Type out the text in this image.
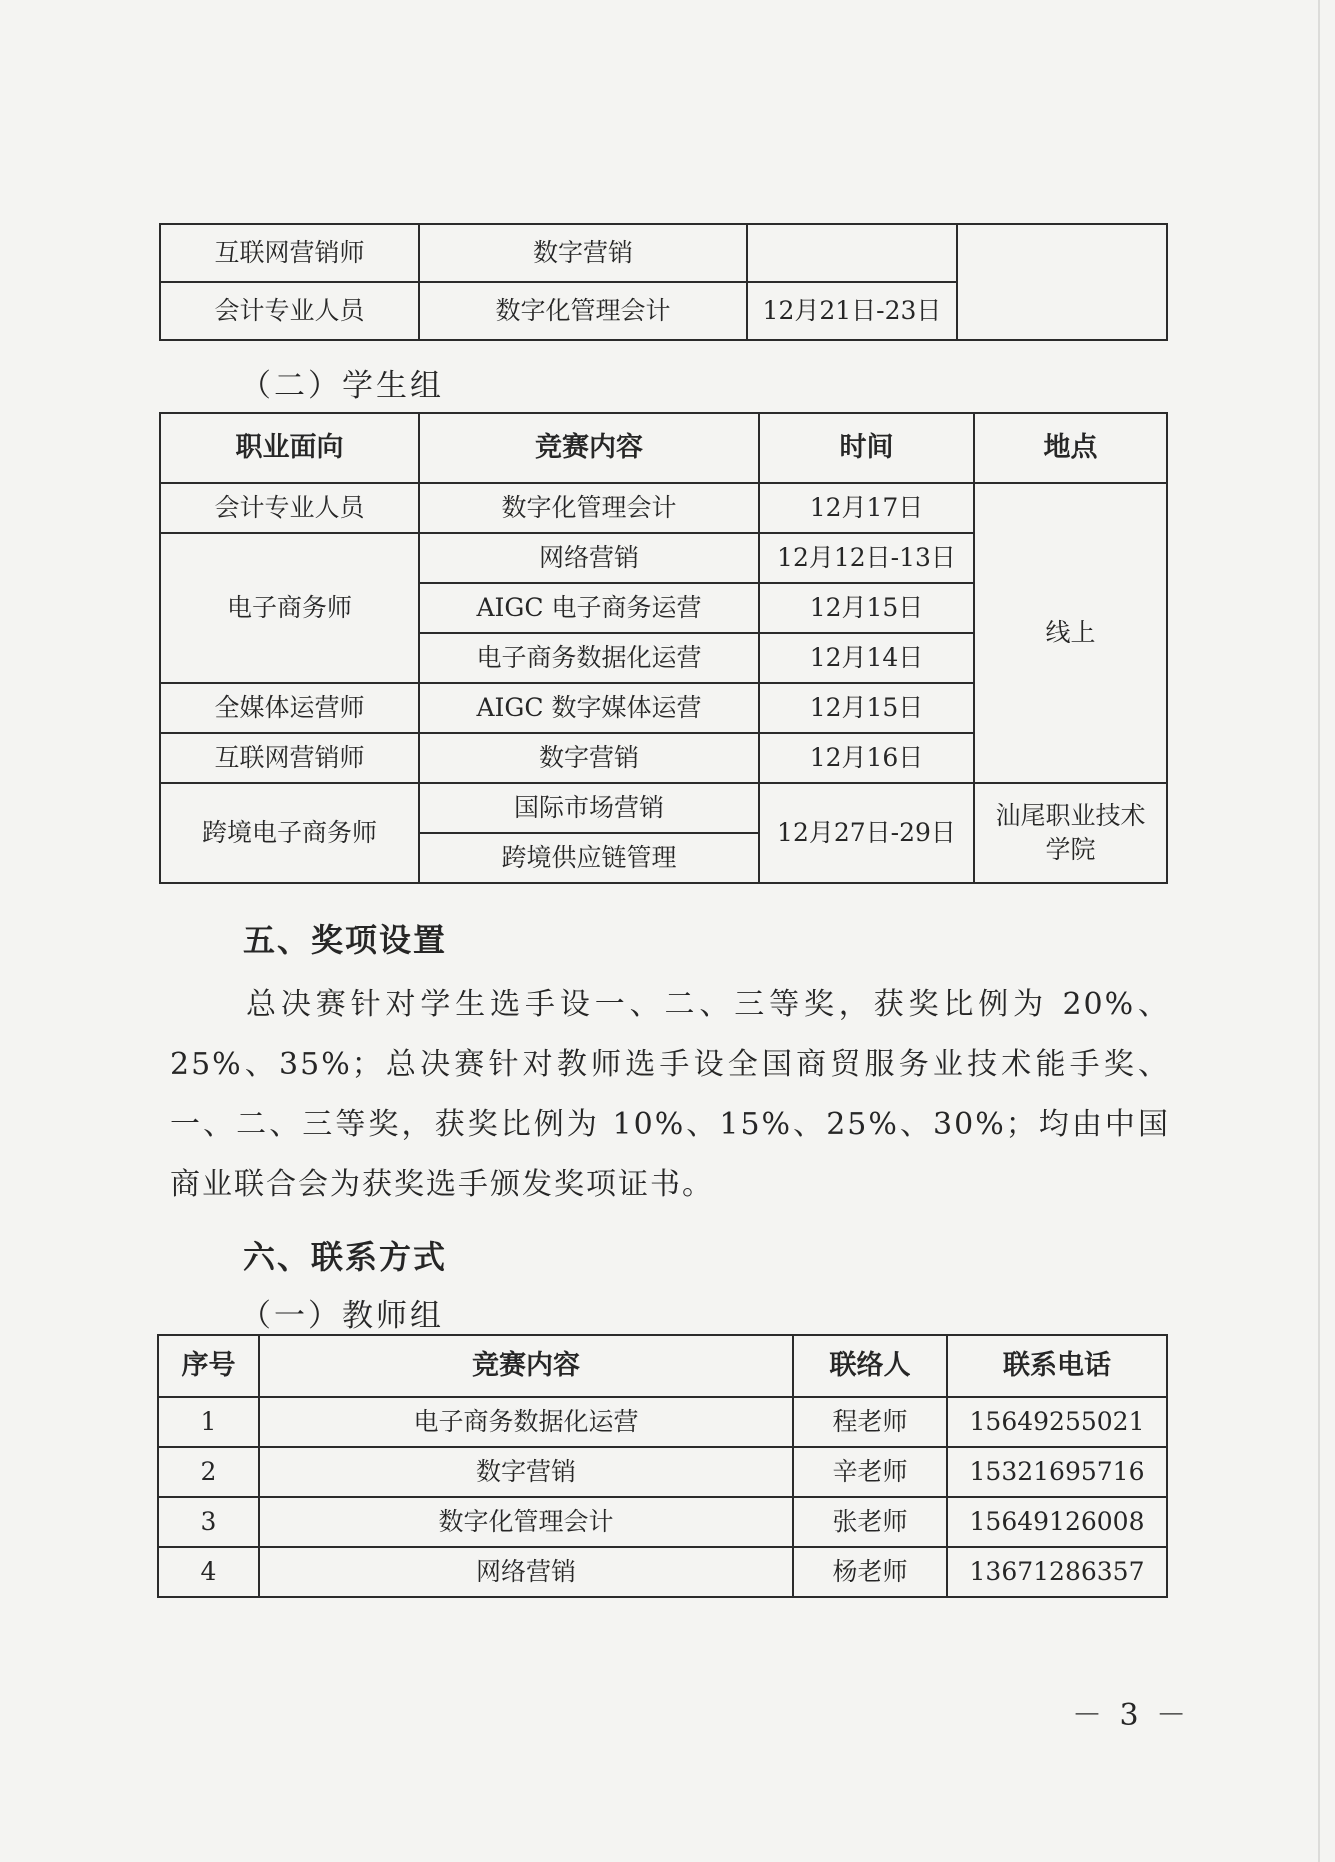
互联网营销师	数字营销		
会计专业人员	数字化管理会计	12月21日-23日	

（二）学生组

职业面向	竞赛内容	时间	地点
会计专业人员	数字化管理会计	12月17日	线上
电子商务师	网络营销	12月12日-13日	
	AIGC 电子商务运营	12月15日	
	电子商务数据化运营	12月14日	
全媒体运营师	AIGC 数字媒体运营	12月15日	
互联网营销师	数字营销	12月16日	
跨境电子商务师	国际市场营销	12月27日-29日	汕尾职业技术学院
	跨境供应链管理		
五、奖项设置

总决赛针对学生选手设一、二、三等奖，获奖比例为 20%、25%、35%；总决赛针对教师选手设全国商贸服务业技术能手奖、一、二、三等奖，获奖比例为 10%、15%、25%、30%；均由中国商业联合会为获奖选手颁发奖项证书。

六、联系方式

（一）教师组

序号	竞赛内容	联络人	联系电话
1	电子商务数据化运营	程老师	15649255021
2	数字营销	辛老师	15321695716
3	数字化管理会计	张老师	15649126008
4	网络营销	杨老师	13671286357
－ 3 －
